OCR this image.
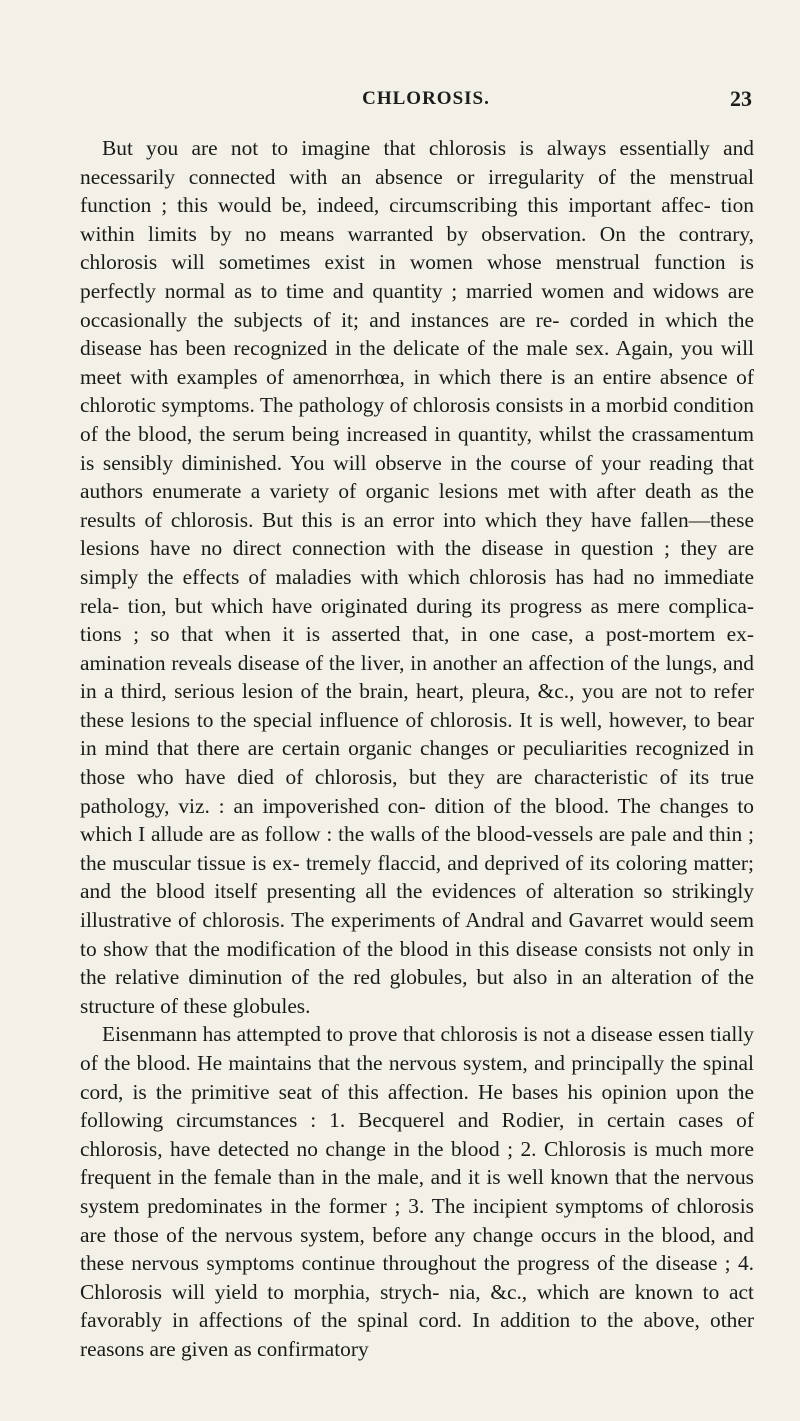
CHLOROSIS.	23

But you are not to imagine that chlorosis is always essentially and necessarily connected with an absence or irregularity of the menstrual function ; this would be, indeed, circumscribing this important affec- tion within limits by no means warranted by observation. On the contrary, chlorosis will sometimes exist in women whose menstrual function is perfectly normal as to time and quantity ; married women and widows are occasionally the subjects of it; and instances are re- corded in which the disease has been recognized in the delicate of the male sex. Again, you will meet with examples of amenorrhœa, in which there is an entire absence of chlorotic symptoms. The pathology of chlorosis consists in a morbid condition of the blood, the serum being increased in quantity, whilst the crassamentum is sensibly diminished. You will observe in the course of your reading that authors enumerate a variety of organic lesions met with after death as the results of chlorosis. But this is an error into which they have fallen—these lesions have no direct connection with the disease in question ; they are simply the effects of maladies with which chlorosis has had no immediate rela- tion, but which have originated during its progress as mere complica- tions ; so that when it is asserted that, in one case, a post-mortem ex- amination reveals disease of the liver, in another an affection of the lungs, and in a third, serious lesion of the brain, heart, pleura, &c., you are not to refer these lesions to the special influence of chlorosis. It is well, however, to bear in mind that there are certain organic changes or peculiarities recognized in those who have died of chlorosis, but they are characteristic of its true pathology, viz. : an impoverished con- dition of the blood. The changes to which I allude are as follow : the walls of the blood-vessels are pale and thin ; the muscular tissue is ex- tremely flaccid, and deprived of its coloring matter; and the blood itself presenting all the evidences of alteration so strikingly illustrative of chlorosis. The experiments of Andral and Gavarret would seem to show that the modification of the blood in this disease consists not only in the relative diminution of the red globules, but also in an alteration of the structure of these globules.

Eisenmann has attempted to prove that chlorosis is not a disease essen tially of the blood. He maintains that the nervous system, and principally the spinal cord, is the primitive seat of this affection. He bases his opinion upon the following circumstances : 1. Becquerel and Rodier, in certain cases of chlorosis, have detected no change in the blood ; 2. Chlorosis is much more frequent in the female than in the male, and it is well known that the nervous system predominates in the former ; 3. The incipient symptoms of chlorosis are those of the nervous system, before any change occurs in the blood, and these nervous symptoms continue throughout the progress of the disease ; 4. Chlorosis will yield to morphia, strych- nia, &c., which are known to act favorably in affections of the spinal cord. In addition to the above, other reasons are given as confirmatory
